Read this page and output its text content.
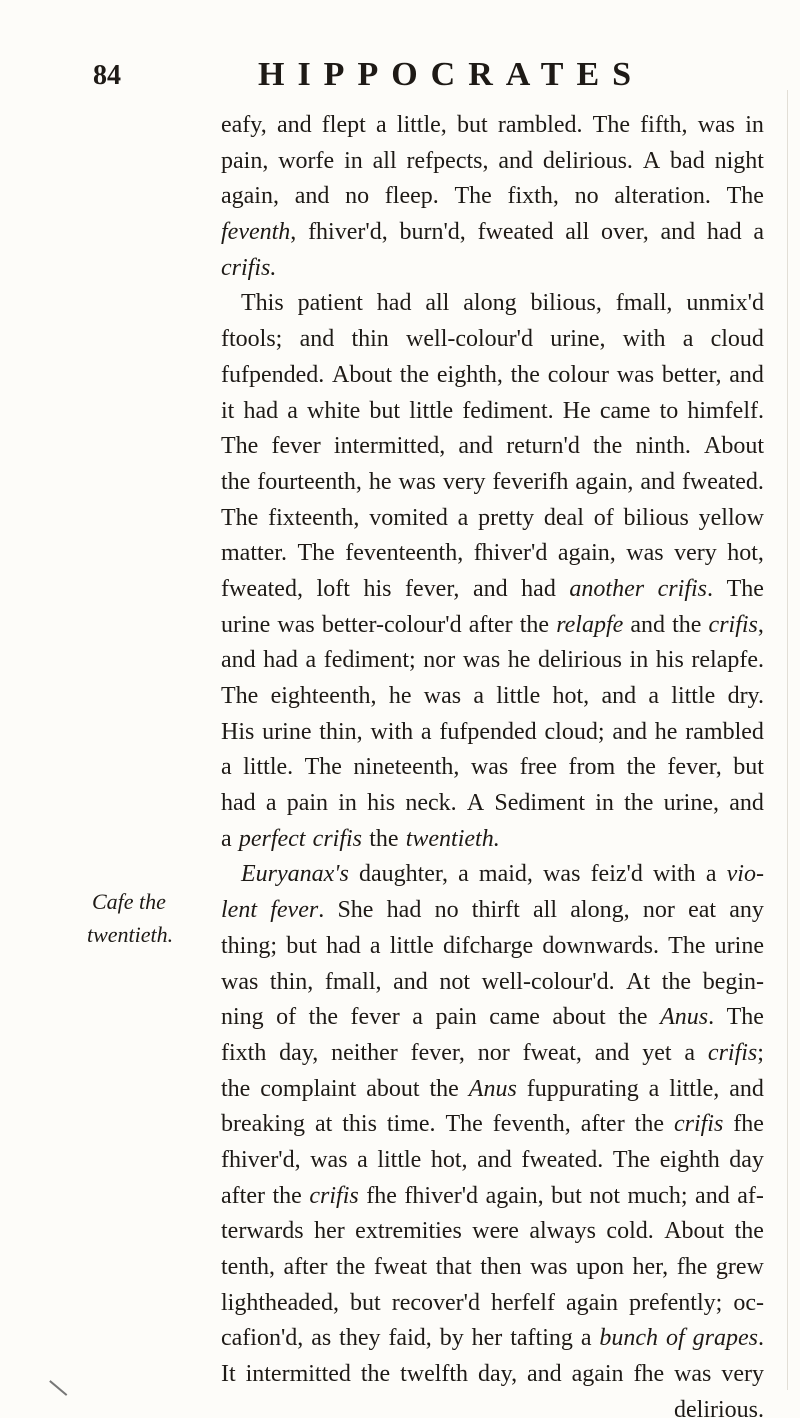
84	HIPPOCRATES
Cafe the
twentieth.
eafy, and flept a little, but rambled. The fifth, was in
pain, worfe in all refpects, and delirious. A bad night
again, and no fleep. The fixth, no alteration. The
feventh, fhiver'd, burn'd, fweated all over, and had a
crifis.
This patient had all along bilious, fmall, unmix'd
ftools; and thin well-colour'd urine, with a cloud
fufpended. About the eighth, the colour was better, and
it had a white but little fediment. He came to himfelf.
The fever intermitted, and return'd the ninth. About
the fourteenth, he was very feverifh again, and fweated.
The fixteenth, vomited a pretty deal of bilious yellow
matter. The feventeenth, fhiver'd again, was very hot,
fweated, loft his fever, and had another crifis. The
urine was better-colour'd after the relapfe and the crifis,
and had a fediment; nor was he delirious in his relapfe.
The eighteenth, he was a little hot, and a little dry.
His urine thin, with a fufpended cloud; and he rambled
a little. The nineteenth, was free from the fever, but
had a pain in his neck. A Sediment in the urine, and
a perfect crifis the twentieth.
Euryanax's daughter, a maid, was feiz'd with a vio-
lent fever. She had no thirft all along, nor eat any
thing; but had a little difcharge downwards. The urine
was thin, fmall, and not well-colour'd. At the begin-
ning of the fever a pain came about the Anus. The
fixth day, neither fever, nor fweat, and yet a crifis;
the complaint about the Anus fuppurating a little, and
breaking at this time. The feventh, after the crifis fhe
fhiver'd, was a little hot, and fweated. The eighth day
after the crifis fhe fhiver'd again, but not much; and af-
terwards her extremities were always cold. About the
tenth, after the fweat that then was upon her, fhe grew
lightheaded, but recover'd herfelf again prefently; oc-
cafion'd, as they faid, by her tafting a bunch of grapes.
It intermitted the twelfth day, and again fhe was very
delirious.
